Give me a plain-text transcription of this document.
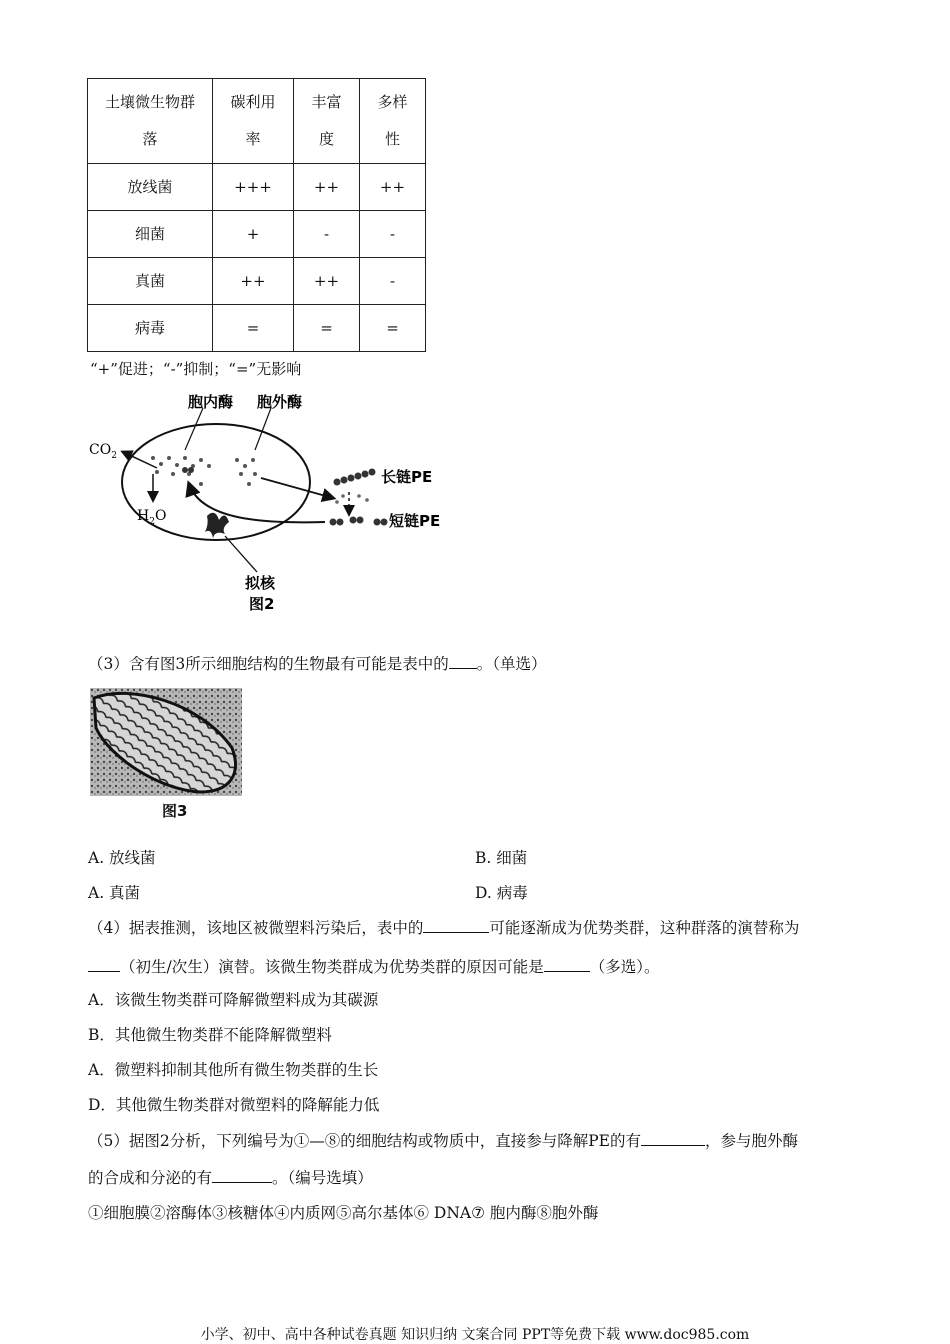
土壤微生物群落	碳利用率	丰富度	多样性

放线菌	+++	++	++
细菌	+	-	-
真菌	++	++	-
病毒	=	=	=
“+”促进；“-”抑制；“=”无影响
胞内酶 胞外酶
$CO_2$
$H_2O$
长链PE
短链PE
拟核
图2
（3）含有图3所示细胞结构的生物最有可能是表中的 。（单选）
图3
A. 放线菌	B. 细菌
A. 真菌	D. 病毒
（4）据表推测，该地区被微塑料污染后，表中的	可能逐渐成为优势类群，这种群落的演替称为
（初生/次生）演替。该微生物类群成为优势类群的原因可能是	（多选）。
A．该微生物类群可降解微塑料成为其碳源
B．其他微生物类群不能降解微塑料
A．微塑料抑制其他所有微生物类群的生长
D．其他微生物类群对微塑料的降解能力低
（5）据图2分析，下列编号为①—⑧的细胞结构或物质中，直接参与降解PE的有	，参与胞外酶
的合成和分泌的有	。（编号选填）
①细胞膜②溶酶体③核糖体④内质网⑤高尔基体⑥ DNA⑦ 胞内酶⑧胞外酶
小学、初中、高中各种试卷真题 知识归纳 文案合同 PPT等免费下载 www.doc985.com
